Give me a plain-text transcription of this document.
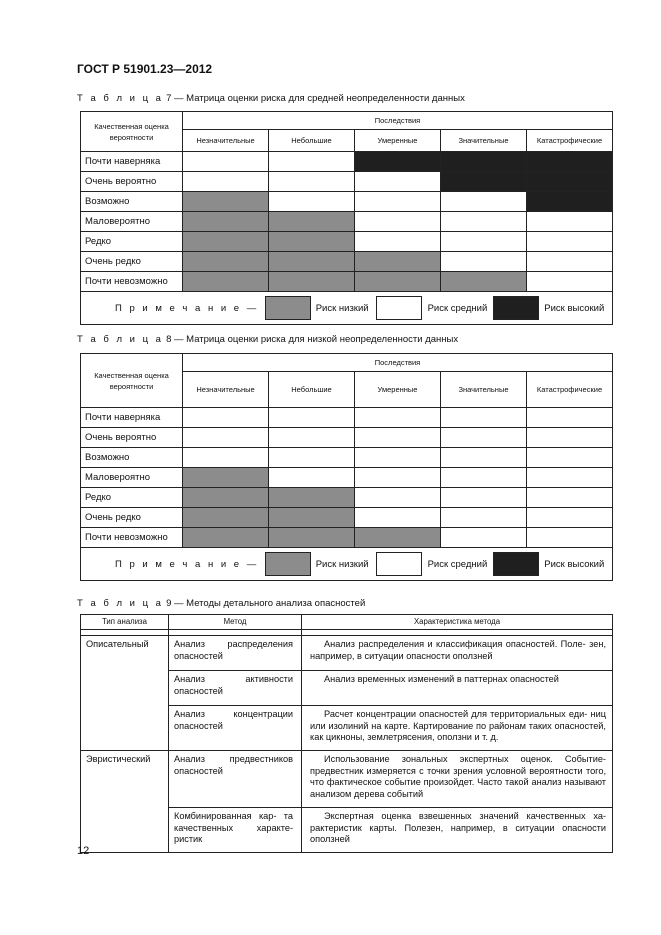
ГОСТ Р 51901.23—2012
Т а б л и ц а 7 — Матрица оценки риска для средней неопределенности данных
Качественная оценка вероятности	Последствия				
	Незначительные	Небольшие	Умеренные	Значительные	Катастрофические
Почти наверняка					
Очень вероятно					
Возможно					
Маловероятно					
Редко					
Очень редко					
Почти невозможно					

П р и м е ч а н и е — Риск низкий Риск средний Риск высокий					
Т а б л и ц а 8 — Матрица оценки риска для низкой неопределенности данных
Качественная оценка вероятности	Последствия				
	Незначительные	Небольшие	Умеренные	Значительные	Катастрофические
Почти наверняка					
Очень вероятно					
Возможно					
Маловероятно					
Редко					
Очень редко					
Почти невозможно					

П р и м е ч а н и е — Риск низкий Риск средний Риск высокий					
Т а б л и ц а 9 — Методы детального анализа опасностей
Тип анализа	Метод	Характеристика метода

Описательный	Анализ распределения опасностей	Анализ распределения и классификация опасностей. Поле- зен, например, в ситуации опасности оползней
	Анализ активности опасностей	Анализ временных изменений в паттернах опасностей
	Анализ концентрации опасностей	Расчет концентрации опасностей для территориальных еди- ниц или изолиний на карте. Картирование по районам таких опасностей, как цикноны, землетрясения, оползни и т. д.
Эвристический	Анализ предвестников опасностей	Использование зональных экспертных оценок. Событие- предвестник измеряется с точки зрения условной вероятности того, что фактическое событие произойдет. Часто такой анализ называют анализом дерева событий
	Комбинированная кар- та качественных характе- ристик	Экспертная оценка взвешенных значений качественных ха- рактеристик карты. Полезен, например, в ситуации опасности оползней
12
